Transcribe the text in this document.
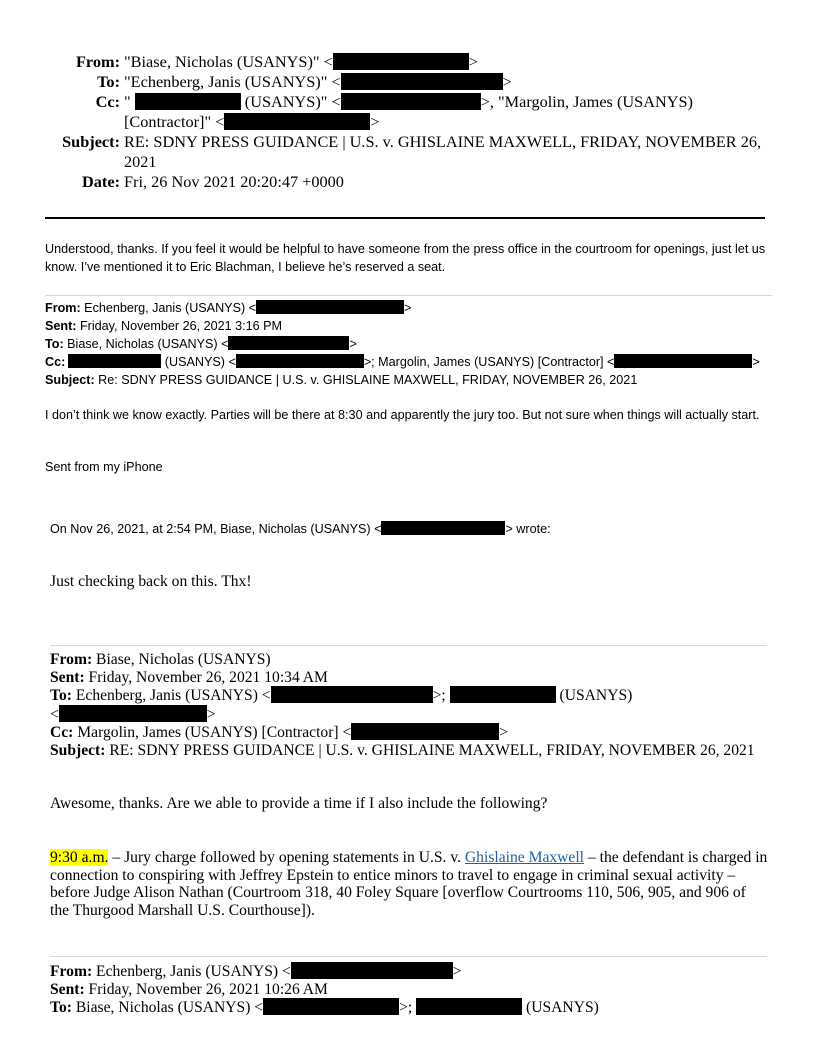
From: "Biase, Nicholas (USANYS)" <	>
To: "Echenberg, Janis (USANYS)" <	>
Cc: "	(USANYS)" <	>, "Margolin, James (USANYS)
[Contractor]" <	>
Subject: RE: SDNY PRESS GUIDANCE | U.S. v. GHISLAINE MAXWELL, FRIDAY, NOVEMBER 26, 2021
Date: Fri, 26 Nov 2021 20:20:47 +0000

Understood, thanks. If you feel it would be helpful to have someone from the press office in the courtroom for openings, just let us know. I’ve mentioned it to Eric Blachman, I believe he’s reserved a seat.

From: Echenberg, Janis (USANYS) <	>
Sent: Friday, November 26, 2021 3:16 PM
To: Biase, Nicholas (USANYS) <	>
Cc:	(USANYS) <	>; Margolin, James (USANYS) [Contractor] <	>
Subject: Re: SDNY PRESS GUIDANCE | U.S. v. GHISLAINE MAXWELL, FRIDAY, NOVEMBER 26, 2021

I don’t think we know exactly. Parties will be there at 8:30 and apparently the jury too. But not sure when things will actually start.

Sent from my iPhone

On Nov 26, 2021, at 2:54 PM, Biase, Nicholas (USANYS) <	> wrote:

Just checking back on this. Thx!

From: Biase, Nicholas (USANYS)
Sent: Friday, November 26, 2021 10:34 AM
To: Echenberg, Janis (USANYS) <	>;	(USANYS)
<	>
Cc: Margolin, James (USANYS) [Contractor] <	>
Subject: RE: SDNY PRESS GUIDANCE | U.S. v. GHISLAINE MAXWELL, FRIDAY, NOVEMBER 26, 2021

Awesome, thanks. Are we able to provide a time if I also include the following?

9:30 a.m. – Jury charge followed by opening statements in U.S. v. Ghislaine Maxwell – the defendant is charged in connection to conspiring with Jeffrey Epstein to entice minors to travel to engage in criminal sexual activity – before Judge Alison Nathan (Courtroom 318, 40 Foley Square [overflow Courtrooms 110, 506, 905, and 906 of the Thurgood Marshall U.S. Courthouse]).

From: Echenberg, Janis (USANYS) <	>
Sent: Friday, November 26, 2021 10:26 AM
To: Biase, Nicholas (USANYS) <	>;	(USANYS)
